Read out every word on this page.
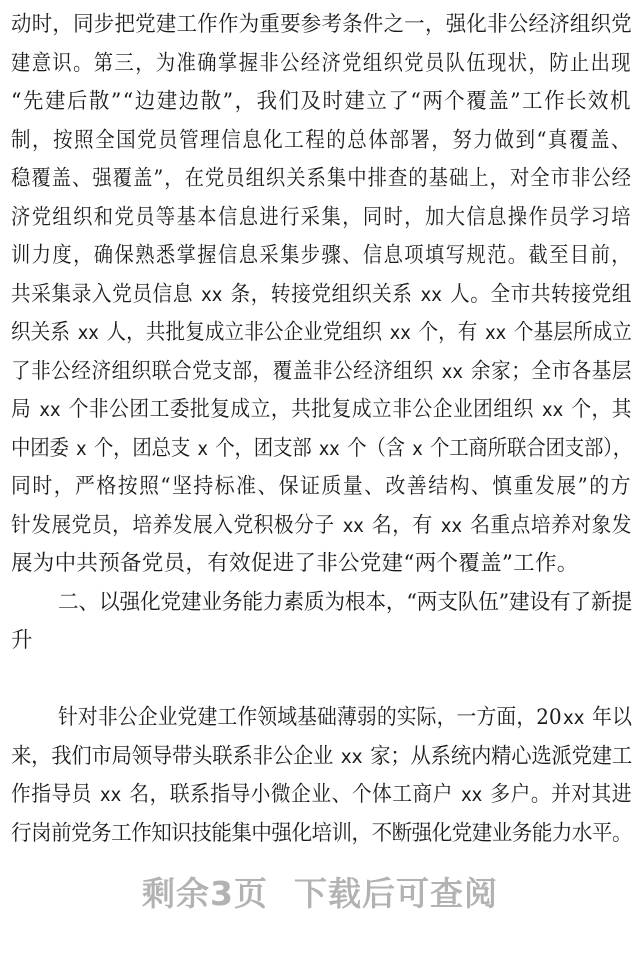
动时，同步把党建工作作为重要参考条件之一，强化非公经济组织党
建意识。第三，为准确掌握非公经济党组织党员队伍现状，防止出现
“先建后散”“边建边散”，我们及时建立了“两个覆盖”工作长效机
制，按照全国党员管理信息化工程的总体部署，努力做到“真覆盖、
稳覆盖、强覆盖”，在党员组织关系集中排查的基础上，对全市非公经
济党组织和党员等基本信息进行采集，同时，加大信息操作员学习培
训力度，确保熟悉掌握信息采集步骤、信息项填写规范。截至目前，
共采集录入党员信息 xx 条，转接党组织关系 xx 人。全市共转接党组
织关系 xx 人，共批复成立非公企业党组织 xx 个，有 xx 个基层所成立
了非公经济组织联合党支部，覆盖非公经济组织 xx 余家；全市各基层
局 xx 个非公团工委批复成立，共批复成立非公企业团组织 xx 个，其
中团委 x 个，团总支 x 个，团支部 xx 个（含 x 个工商所联合团支部），
同时，严格按照“坚持标准、保证质量、改善结构、慎重发展”的方
针发展党员，培养发展入党积极分子 xx 名，有 xx 名重点培养对象发
展为中共预备党员，有效促进了非公党建“两个覆盖”工作。
二、以强化党建业务能力素质为根本，“两支队伍”建设有了新提
升
针对非公企业党建工作领域基础薄弱的实际，一方面，20xx 年以
来，我们市局领导带头联系非公企业 xx 家；从系统内精心选派党建工
作指导员 xx 名，联系指导小微企业、个体工商户 xx 多户。并对其进
行岗前党务工作知识技能集中强化培训，不断强化党建业务能力水平。
剩余3页 下载后可查阅
